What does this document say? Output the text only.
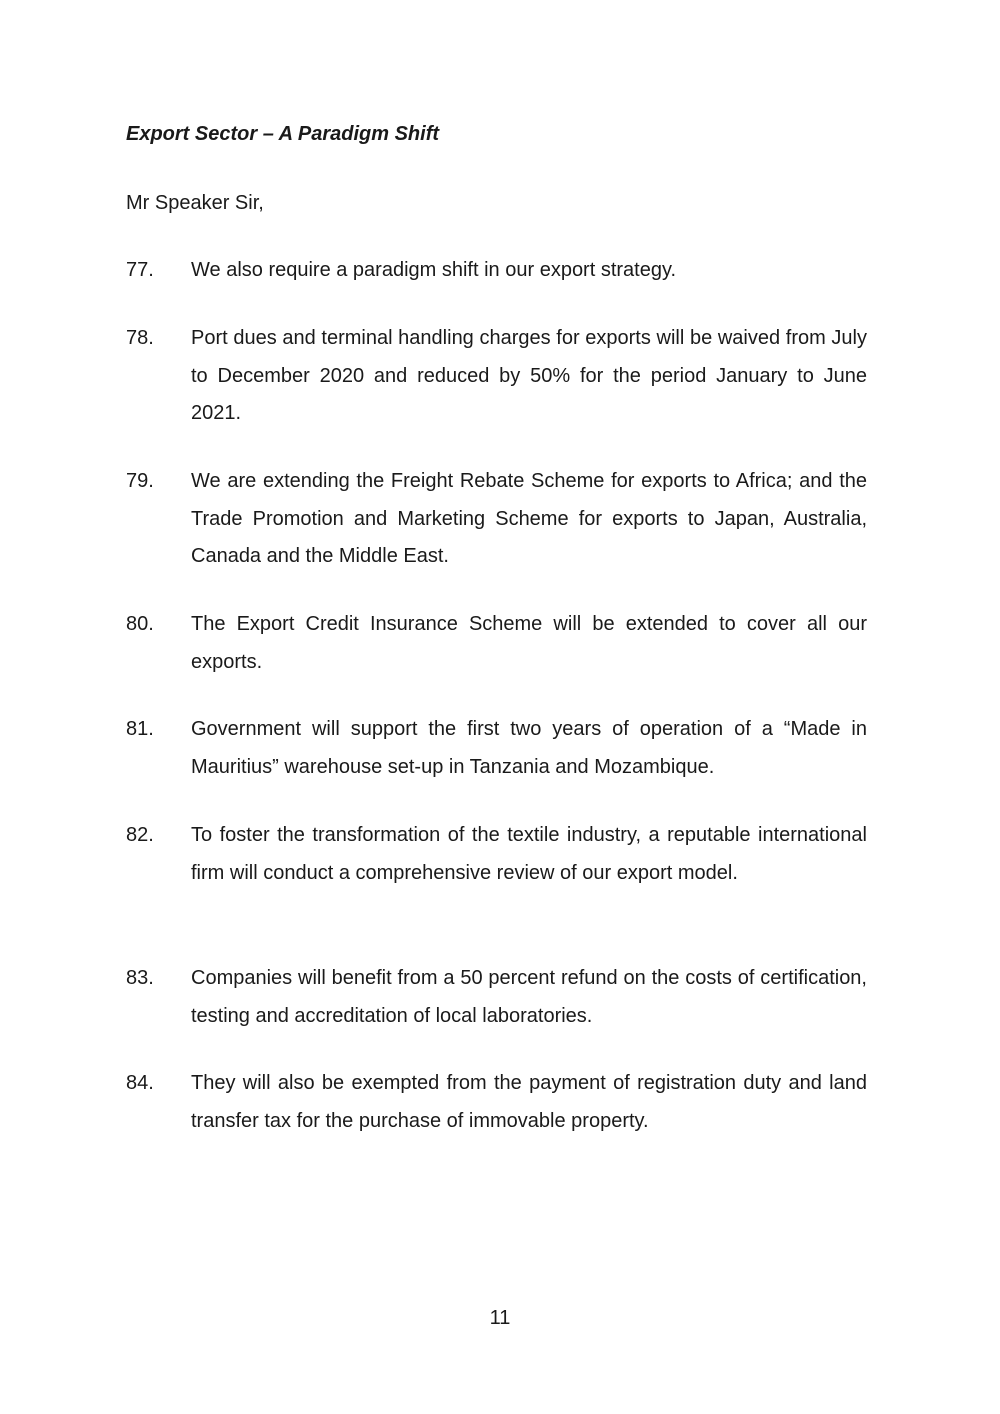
Export Sector – A Paradigm Shift
Mr Speaker Sir,
77.	We also require a paradigm shift in our export strategy.
78.	Port dues and terminal handling charges for exports will be waived from July to December 2020 and reduced by 50% for the period January to June 2021.
79.	We are extending the Freight Rebate Scheme for exports to Africa; and the Trade Promotion and Marketing Scheme for exports to Japan, Australia, Canada and the Middle East.
80.	The Export Credit Insurance Scheme will be extended to cover all our exports.
81.	Government will support the first two years of operation of a “Made in Mauritius” warehouse set-up in Tanzania and Mozambique.
82.	To foster the transformation of the textile industry, a reputable international firm will conduct a comprehensive review of our export model.
83.	Companies will benefit from a 50 percent refund on the costs of certification, testing and accreditation of local laboratories.
84.	They will also be exempted from the payment of registration duty and land transfer tax for the purchase of immovable property.
11
